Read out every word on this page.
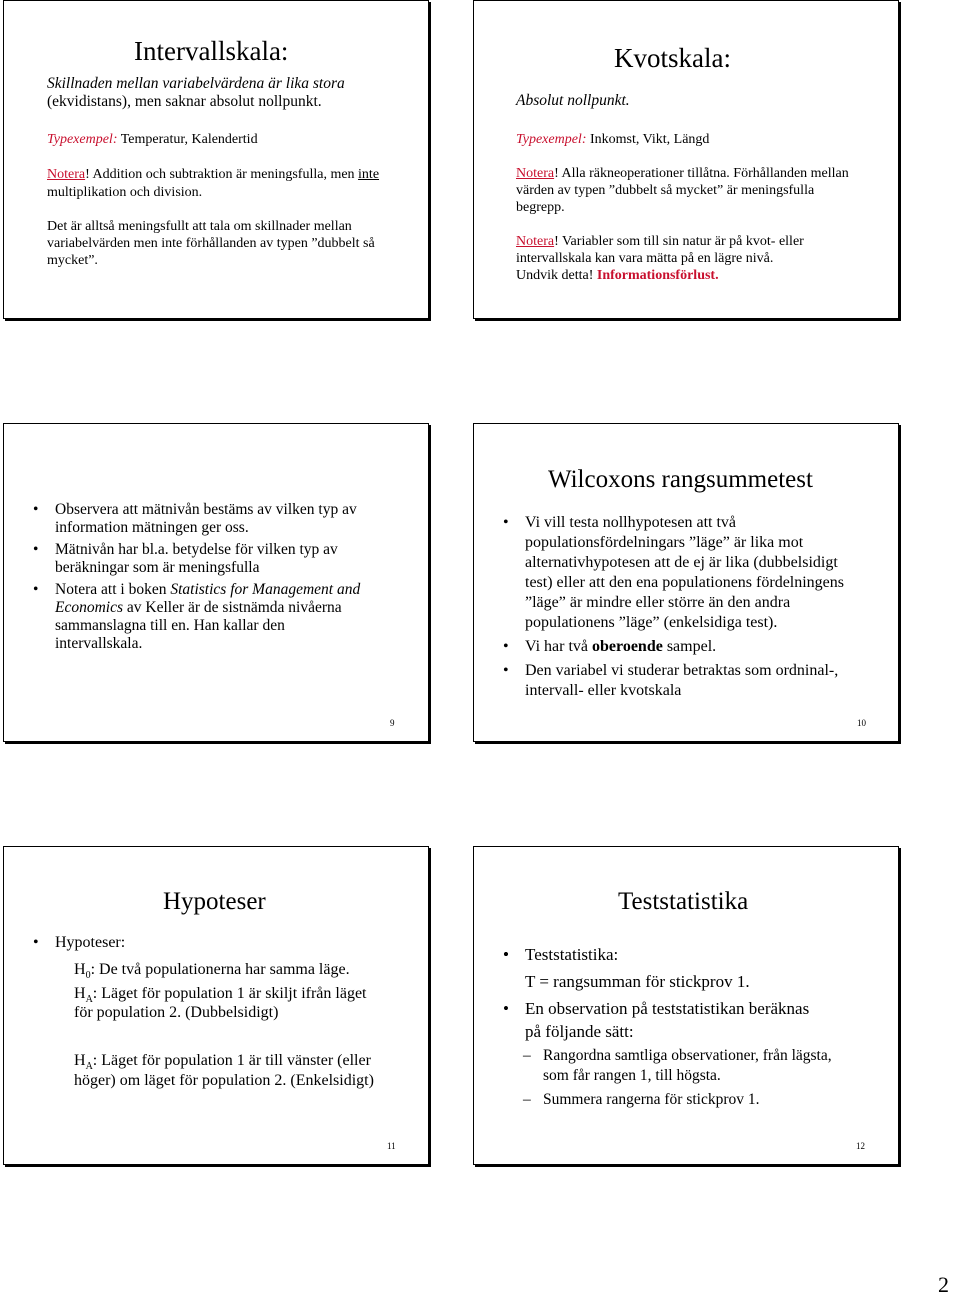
Intervallskala:
Skillnaden mellan variabelvärdena är lika stora
(ekvidistans), men saknar absolut nollpunkt.
Typexempel: Temperatur, Kalendertid
Notera! Addition och subtraktion är meningsfulla, men inte
multiplikation och division.
Det är alltså meningsfullt att tala om skillnader mellan
variabelvärden men inte förhållanden av typen ”dubbelt så
mycket”.
Kvotskala:
Absolut nollpunkt.
Typexempel: Inkomst, Vikt, Längd
Notera! Alla räkneoperationer tillåtna. Förhållanden mellan
värden av typen ”dubbelt så mycket” är meningsfulla
begrepp.
Notera! Variabler som till sin natur är på kvot- eller
intervallskala kan vara mätta på en lägre nivå.
Undvik detta! Informationsförlust.
• Observera att mätnivån bestäms av vilken typ av
information mätningen ger oss.
• Mätnivån har bl.a. betydelse för vilken typ av
beräkningar som är meningsfulla
• Notera att i boken Statistics for Management and
Economics av Keller är de sistnämda nivåerna
sammanslagna till en. Han kallar den
intervallskala.
9
Wilcoxons rangsummetest
• Vi vill testa nollhypotesen att två
populationsfördelningars ”läge” är lika mot
alternativhypotesen att de ej är lika (dubbelsidigt
test) eller att den ena populationens fördelningens
”läge” är mindre eller större än den andra
populationens ”läge” (enkelsidiga test).
• Vi har två oberoende sampel.
• Den variabel vi studerar betraktas som ordninal-,
intervall- eller kvotskala
10
Hypoteser
• Hypoteser:
$H_0$: De två populationerna har samma läge.
$H_A$: Läget för population 1 är skiljt ifrån läget
för population 2. (Dubbelsidigt)
$H_A$: Läget för population 1 är till vänster (eller
höger) om läget för population 2. (Enkelsidigt)
11
Teststatistika
• Teststatistika:
T = rangsumman för stickprov 1.
• En observation på teststatistikan beräknas
på följande sätt:
– Rangordna samtliga observationer, från lägsta,
som får rangen 1, till högsta.
– Summera rangerna för stickprov 1.
12
2
